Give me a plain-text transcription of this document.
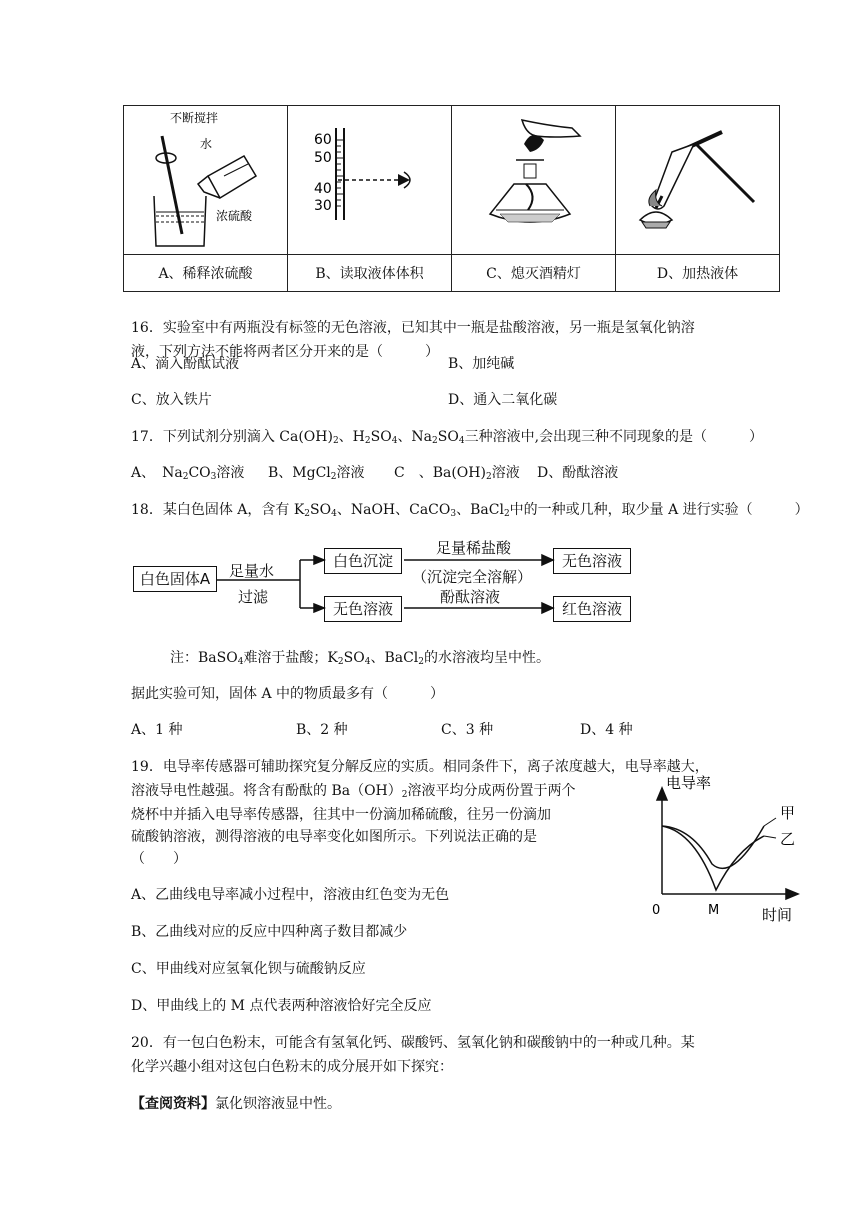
不断搅拌
水
浓硫酸	60
50
40
30

A、稀释浓硫酸	B、读取液体体积	C、熄灭酒精灯	D、加热液体
16．实验室中有两瓶没有标签的无色溶液，已知其中一瓶是盐酸溶液，另一瓶是氢氧化钠溶
液，下列方法不能将两者区分开来的是（　　　）
A、滴入酚酞试液	B、加纯碱
C、放入铁片	D、通入二氧化碳
17．下列试剂分别滴入 $Ca(OH)_2$、$H_2SO_4$、$Na_2SO_4$三种溶液中,会出现三种不同现象的是（　　　）
A、　$Na_2CO_3$溶液 B、MgCl$_2$溶液 C　、$Ba(OH)_2$溶液 D、酚酞溶液
18．某白色固体 A，含有 $K_2SO_4$、NaOH、CaCO$_3$、BaCl$_2$中的一种或几种，取少量 A 进行实验（　　　）
白色固体A
白色沉淀	无色溶液
无色溶液	红色溶液
足量水
过滤
足量稀盐酸
（沉淀完全溶解）
酚酞溶液
注：BaSO$_4$难溶于盐酸；$K_2SO_4$、BaCl$_2$的水溶液均呈中性。
据此实验可知，固体 A 中的物质最多有（　　　）
A、1 种	B、2 种	C、3 种	D、4 种
19．电导率传感器可辅助探究复分解反应的实质。相同条件下，离子浓度越大，电导率越大，
溶液导电性越强。将含有酚酞的 $Ba(OH)_2$溶液平均分成两份置于两个
烧杯中并插入电导率传感器，往其中一份滴加稀硫酸，往另一份滴加
硫酸钠溶液，测得溶液的电导率变化如图所示。下列说法正确的是
（　　）
A、乙曲线电导率减小过程中，溶液由红色变为无色
B、乙曲线对应的反应中四种离子数目都减少
C、甲曲线对应氢氧化钡与硫酸钠反应
D、甲曲线上的 M 点代表两种溶液恰好完全反应
电导率
甲
乙
0	M	时间
20．有一包白色粉末，可能含有氢氧化钙、碳酸钙、氢氧化钠和碳酸钠中的一种或几种。某
化学兴趣小组对这包白色粉末的成分展开如下探究：
【查阅资料】氯化钡溶液显中性。
